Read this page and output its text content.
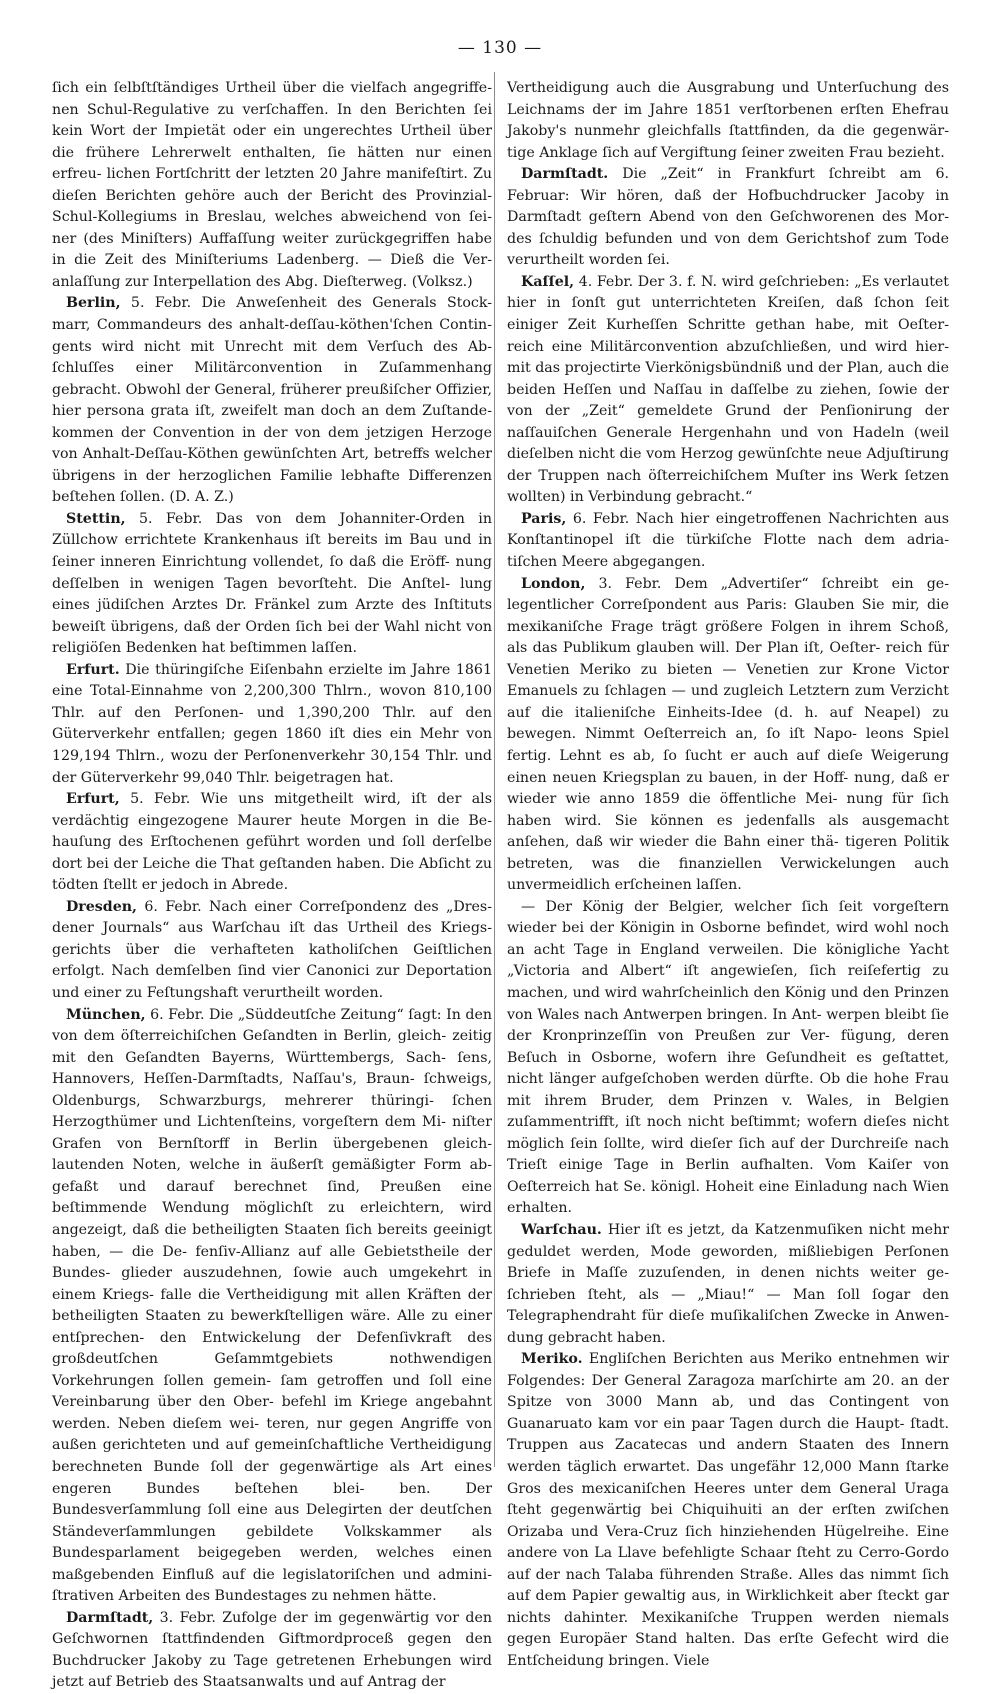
— 130 —

ſich ein ſelbſtſtändiges Urtheil über die vielfach angegriffe- nen Schul-Regulative zu verſchaffen. In den Berichten ſei kein Wort der Impietät oder ein ungerechtes Urtheil über die frühere Lehrerwelt enthalten, ſie hätten nur einen erfreu- lichen Fortſchritt der letzten 20 Jahre manifeſtirt. Zu dieſen Berichten gehöre auch der Bericht des Provinzial- Schul-Kollegiums in Breslau, welches abweichend von ſei- ner (des Miniſters) Auffaſſung weiter zurückgegriffen habe in die Zeit des Miniſteriums Ladenberg. — Dieß die Ver- anlaſſung zur Interpellation des Abg. Dieſterweg. (Volksz.)

Berlin, 5. Febr. Die Anweſenheit des Generals Stock- marr, Commandeurs des anhalt-deſſau-köthen'ſchen Contin- gents wird nicht mit Unrecht mit dem Verſuch des Ab- ſchluſſes einer Militärconvention in Zuſammenhang gebracht. Obwohl der General, früherer preußiſcher Offizier, hier persona grata iſt, zweifelt man doch an dem Zuſtande- kommen der Convention in der von dem jetzigen Herzoge von Anhalt-Deſſau-Köthen gewünſchten Art, betreffs welcher übrigens in der herzoglichen Familie lebhafte Differenzen beſtehen ſollen. (D. A. Z.)

Stettin, 5. Febr. Das von dem Johanniter-Orden in Züllchow errichtete Krankenhaus iſt bereits im Bau und in ſeiner inneren Einrichtung vollendet, ſo daß die Eröff- nung deſſelben in wenigen Tagen bevorſteht. Die Anſtel- lung eines jüdiſchen Arztes Dr. Fränkel zum Arzte des Inſtituts beweiſt übrigens, daß der Orden ſich bei der Wahl nicht von religiöſen Bedenken hat beſtimmen laſſen.

Erfurt. Die thüringiſche Eiſenbahn erzielte im Jahre 1861 eine Total-Einnahme von 2,200,300 Thlrn., wovon 810,100 Thlr. auf den Perſonen- und 1,390,200 Thlr. auf den Güterverkehr entfallen; gegen 1860 iſt dies ein Mehr von 129,194 Thlrn., wozu der Perſonenverkehr 30,154 Thlr. und der Güterverkehr 99,040 Thlr. beigetragen hat.

Erfurt, 5. Febr. Wie uns mitgetheilt wird, iſt der als verdächtig eingezogene Maurer heute Morgen in die Be- hauſung des Erſtochenen geführt worden und ſoll derſelbe dort bei der Leiche die That geſtanden haben. Die Abſicht zu tödten ſtellt er jedoch in Abrede.

Dresden, 6. Febr. Nach einer Correſpondenz des „Dres- dener Journals“ aus Warſchau iſt das Urtheil des Kriegs- gerichts über die verhafteten katholiſchen Geiſtlichen erfolgt. Nach demſelben ſind vier Canonici zur Deportation und einer zu Feſtungshaft verurtheilt worden.

München, 6. Febr. Die „Süddeutſche Zeitung“ ſagt: In den von dem öſterreichiſchen Geſandten in Berlin, gleich- zeitig mit den Geſandten Bayerns, Württembergs, Sach- ſens, Hannovers, Heſſen-Darmſtadts, Naſſau's, Braun- ſchweigs, Oldenburgs, Schwarzburgs, mehrerer thüringi- ſchen Herzogthümer und Lichtenſteins, vorgeſtern dem Mi- niſter Grafen von Bernſtorff in Berlin übergebenen gleich- lautenden Noten, welche in äußerſt gemäßigter Form ab- gefaßt und darauf berechnet ſind, Preußen eine beſtimmende Wendung möglichſt zu erleichtern, wird angezeigt, daß die betheiligten Staaten ſich bereits geeinigt haben, — die De- fenſiv-Allianz auf alle Gebietstheile der Bundes- glieder auszudehnen, ſowie auch umgekehrt in einem Kriegs- falle die Vertheidigung mit allen Kräften der betheiligten Staaten zu bewerkſtelligen wäre. Alle zu einer entſprechen- den Entwickelung der Defenſivkraft des großdeutſchen Geſammtgebiets nothwendigen Vorkehrungen ſollen gemein- ſam getroffen und ſoll eine Vereinbarung über den Ober- befehl im Kriege angebahnt werden. Neben dieſem wei- teren, nur gegen Angriffe von außen gerichteten und auf gemeinſchaftliche Vertheidigung berechneten Bunde ſoll der gegenwärtige als Art eines engeren Bundes beſtehen blei- ben. Der Bundesverſammlung ſoll eine aus Delegirten der deutſchen Ständeverſammlungen gebildete Volkskammer als Bundesparlament beigegeben werden, welches einen maßgebenden Einfluß auf die legislatoriſchen und admini- ſtrativen Arbeiten des Bundestages zu nehmen hätte.

Darmſtadt, 3. Febr. Zufolge der im gegenwärtig vor den Geſchwornen ſtattfindenden Giftmordproceß gegen den Buchdrucker Jakoby zu Tage getretenen Erhebungen wird jetzt auf Betrieb des Staatsanwalts und auf Antrag der

Vertheidigung auch die Ausgrabung und Unterſuchung des Leichnams der im Jahre 1851 verſtorbenen erſten Ehefrau Jakoby's nunmehr gleichfalls ſtattfinden, da die gegenwär- tige Anklage ſich auf Vergiftung ſeiner zweiten Frau bezieht.

Darmſtadt. Die „Zeit“ in Frankfurt ſchreibt am 6. Februar: Wir hören, daß der Hofbuchdrucker Jacoby in Darmſtadt geſtern Abend von den Geſchworenen des Mor- des ſchuldig befunden und von dem Gerichtshof zum Tode verurtheilt worden ſei.

Kaſſel, 4. Febr. Der 3. f. N. wird geſchrieben: „Es verlautet hier in ſonſt gut unterrichteten Kreiſen, daß ſchon ſeit einiger Zeit Kurheſſen Schritte gethan habe, mit Oeſter- reich eine Militärconvention abzuſchließen, und wird hier- mit das projectirte Vierkönigsbündniß und der Plan, auch die beiden Heſſen und Naſſau in daſſelbe zu ziehen, ſowie der von der „Zeit“ gemeldete Grund der Penſionirung der naſſauiſchen Generale Hergenhahn und von Hadeln (weil dieſelben nicht die vom Herzog gewünſchte neue Adjuſtirung der Truppen nach öſterreichiſchem Muſter ins Werk ſetzen wollten) in Verbindung gebracht.“

Paris, 6. Febr. Nach hier eingetroffenen Nachrichten aus Konſtantinopel iſt die türkiſche Flotte nach dem adria- tiſchen Meere abgegangen.

London, 3. Febr. Dem „Advertiſer“ ſchreibt ein ge- legentlicher Correſpondent aus Paris: Glauben Sie mir, die mexikaniſche Frage trägt größere Folgen in ihrem Schoß, als das Publikum glauben will. Der Plan iſt, Oeſter- reich für Venetien Meriko zu bieten — Venetien zur Krone Victor Emanuels zu ſchlagen — und zugleich Letztern zum Verzicht auf die italieniſche Einheits-Idee (d. h. auf Neapel) zu bewegen. Nimmt Oeſterreich an, ſo iſt Napo- leons Spiel fertig. Lehnt es ab, ſo ſucht er auch auf dieſe Weigerung einen neuen Kriegsplan zu bauen, in der Hoff- nung, daß er wieder wie anno 1859 die öffentliche Mei- nung für ſich haben wird. Sie können es jedenfalls als ausgemacht anſehen, daß wir wieder die Bahn einer thä- tigeren Politik betreten, was die finanziellen Verwickelungen auch unvermeidlich erſcheinen laſſen.

— Der König der Belgier, welcher ſich ſeit vorgeſtern wieder bei der Königin in Osborne befindet, wird wohl noch an acht Tage in England verweilen. Die königliche Yacht „Victoria and Albert“ iſt angewieſen, ſich reiſefertig zu machen, und wird wahrſcheinlich den König und den Prinzen von Wales nach Antwerpen bringen. In Ant- werpen bleibt ſie der Kronprinzeſſin von Preußen zur Ver- fügung, deren Beſuch in Osborne, wofern ihre Geſundheit es geſtattet, nicht länger aufgeſchoben werden dürfte. Ob die hohe Frau mit ihrem Bruder, dem Prinzen v. Wales, in Belgien zuſammentrifft, iſt noch nicht beſtimmt; wofern dieſes nicht möglich ſein ſollte, wird dieſer ſich auf der Durchreiſe nach Trieſt einige Tage in Berlin aufhalten. Vom Kaiſer von Oeſterreich hat Se. königl. Hoheit eine Einladung nach Wien erhalten.

Warſchau. Hier iſt es jetzt, da Katzenmuſiken nicht mehr geduldet werden, Mode geworden, mißliebigen Perſonen Briefe in Maſſe zuzuſenden, in denen nichts weiter ge- ſchrieben ſteht, als — „Miau!“ — Man ſoll ſogar den Telegraphendraht für dieſe muſikaliſchen Zwecke in Anwen- dung gebracht haben.

Meriko. Engliſchen Berichten aus Meriko entnehmen wir Folgendes: Der General Zaragoza marſchirte am 20. an der Spitze von 3000 Mann ab, und das Contingent von Guanaruato kam vor ein paar Tagen durch die Haupt- ſtadt. Truppen aus Zacatecas und andern Staaten des Innern werden täglich erwartet. Das ungefähr 12,000 Mann ſtarke Gros des mexicaniſchen Heeres unter dem General Uraga ſteht gegenwärtig bei Chiquihuiti an der erſten zwiſchen Orizaba und Vera-Cruz ſich hinziehenden Hügelreihe. Eine andere von La Llave befehligte Schaar ſteht zu Cerro-Gordo auf der nach Talaba führenden Straße. Alles das nimmt ſich auf dem Papier gewaltig aus, in Wirklichkeit aber ſteckt gar nichts dahinter. Mexikaniſche Truppen werden niemals gegen Europäer Stand halten. Das erſte Gefecht wird die Entſcheidung bringen. Viele
